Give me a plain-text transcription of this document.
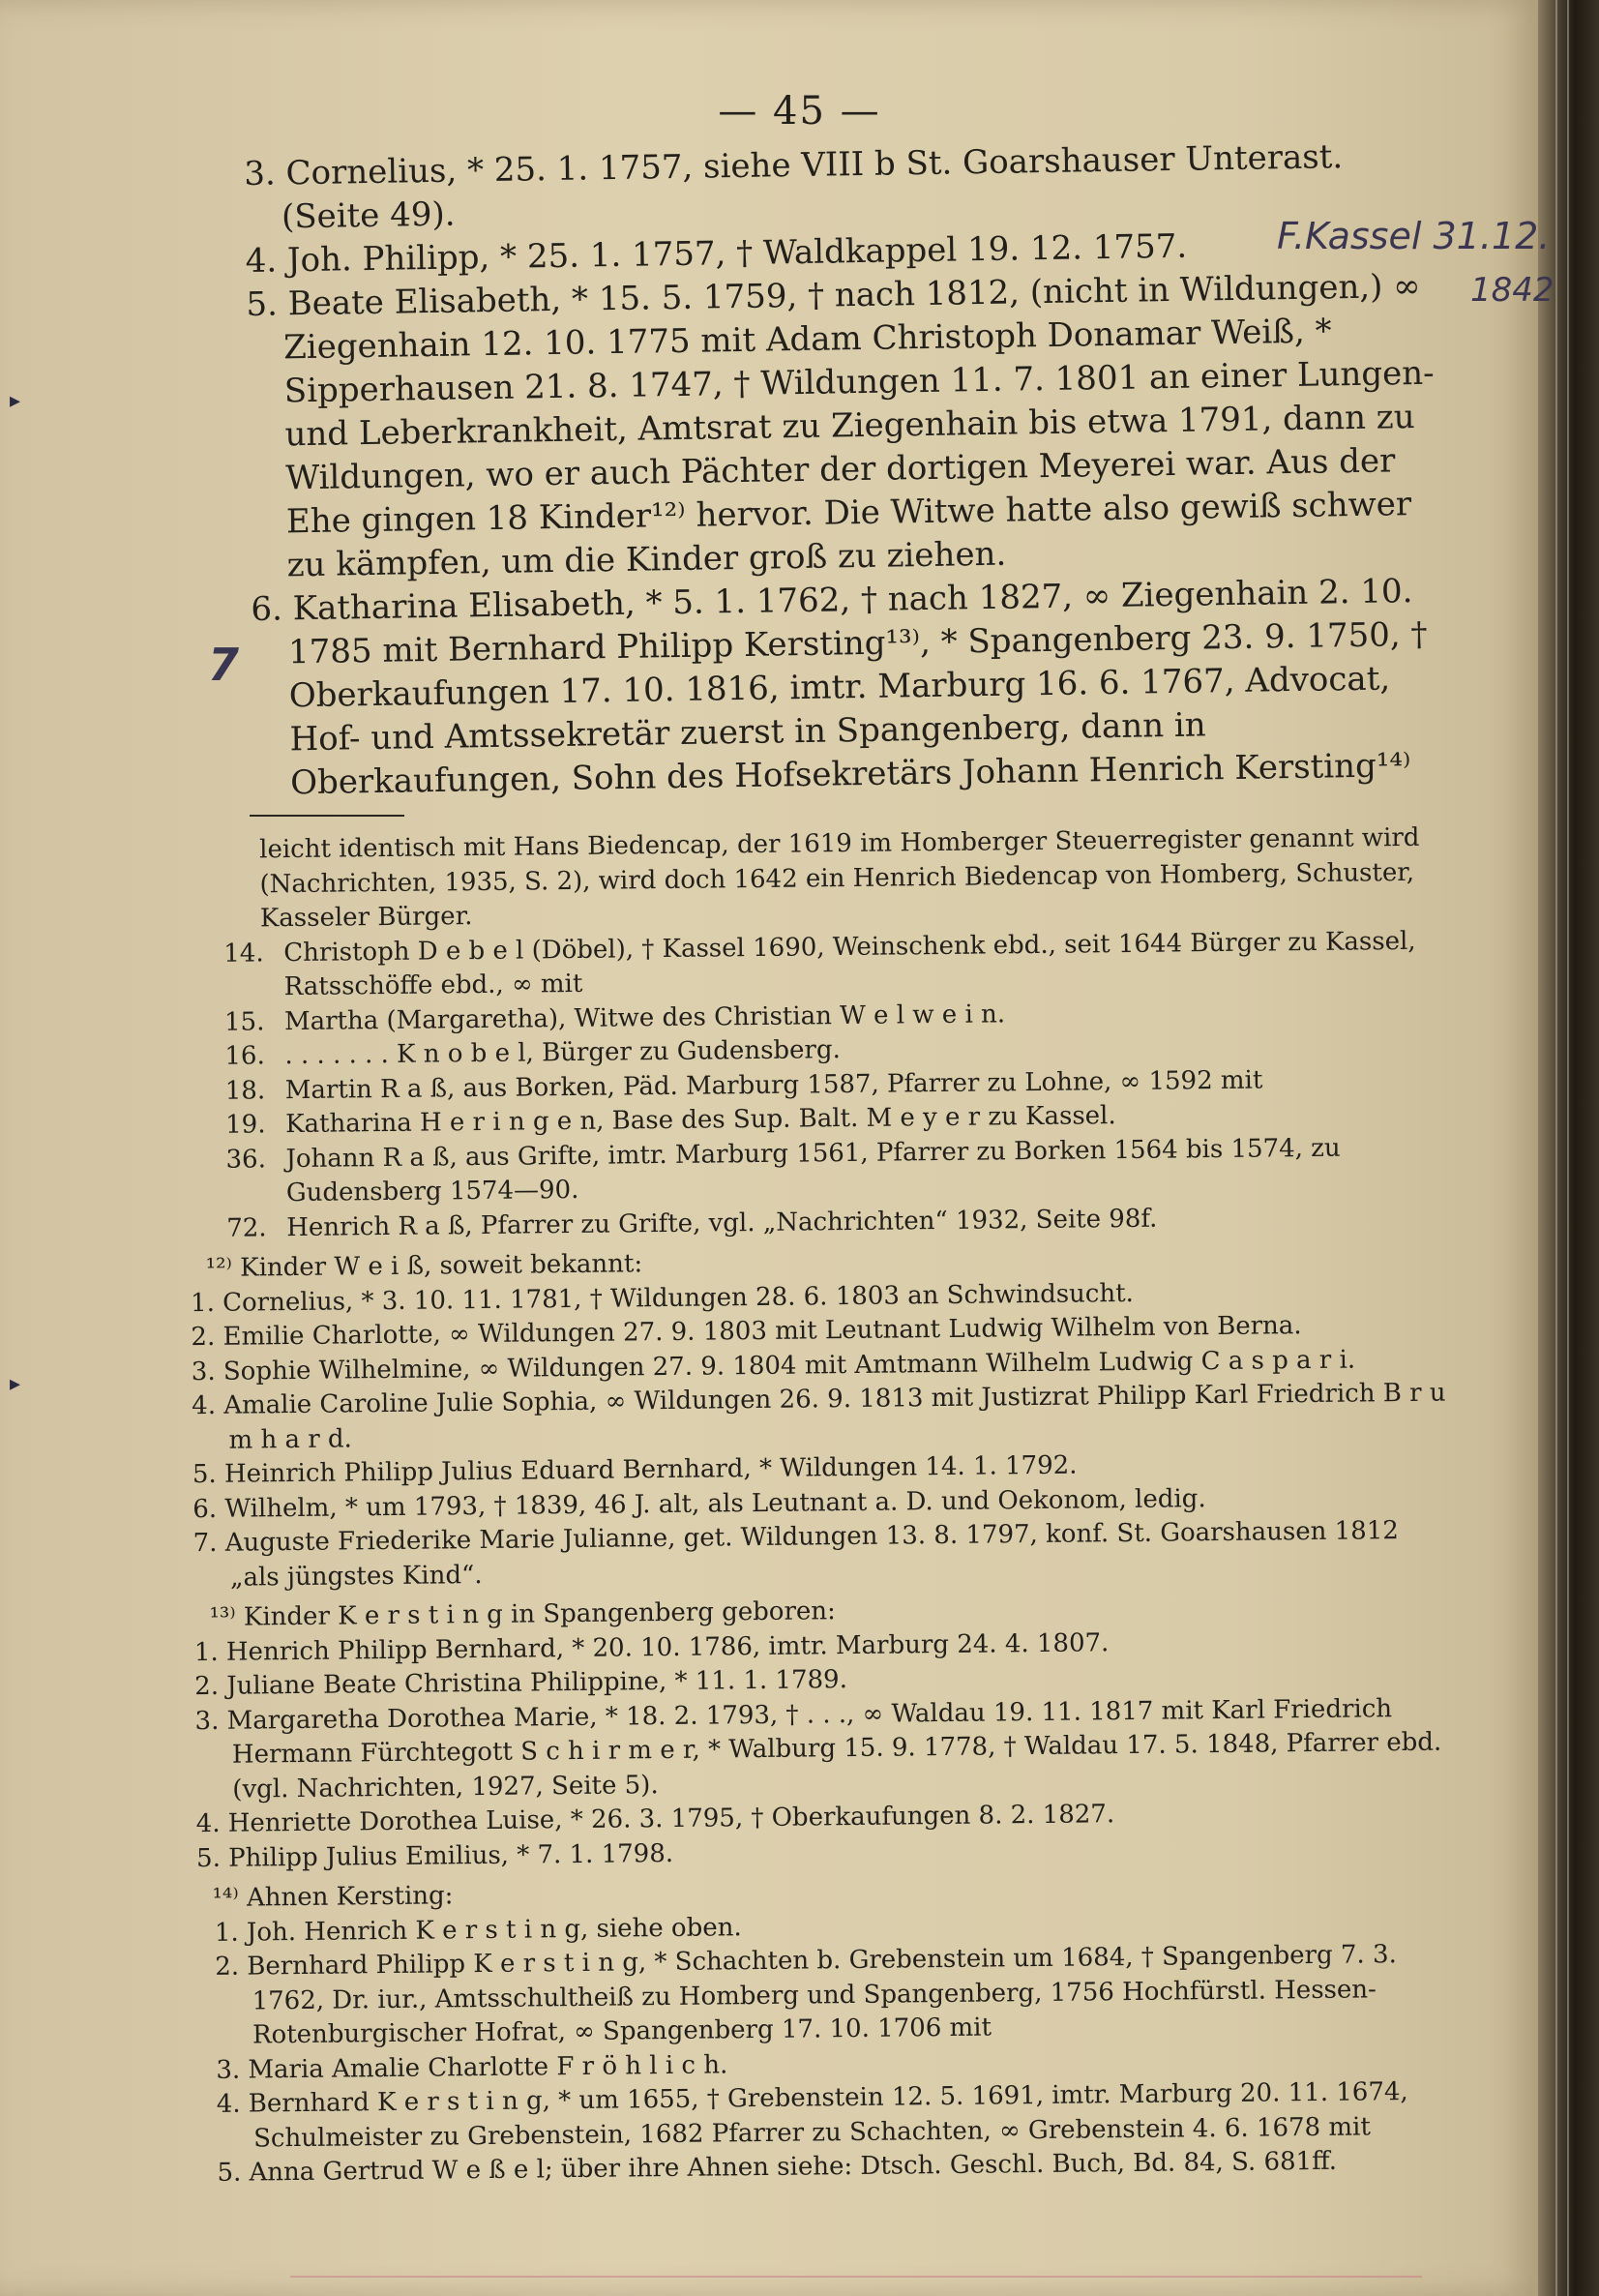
— 45 —

3. Cornelius, * 25. 1. 1757, siehe VIII b St. Goarshauser Unterast. (Seite 49).

4. Joh. Philipp, * 25. 1. 1757, † Waldkappel 19. 12. 1757.

5. Beate Elisabeth, * 15. 5. 1759, † nach 1812, (nicht in Wildungen,) ∞ Ziegenhain 12. 10. 1775 mit Adam Christoph Donamar Weiß, * Sipperhausen 21. 8. 1747, † Wildungen 11. 7. 1801 an einer Lungen- und Leberkrankheit, Amtsrat zu Ziegenhain bis etwa 1791, dann zu Wildungen, wo er auch Pächter der dortigen Meyerei war. Aus der Ehe gingen 18 Kinder¹²⁾ hervor. Die Witwe hatte also gewiß schwer zu kämpfen, um die Kinder groß zu ziehen.

6. Katharina Elisabeth, * 5. 1. 1762, † nach 1827, ∞ Ziegenhain 2. 10. 1785 mit Bernhard Philipp Kersting¹³⁾, * Spangenberg 23. 9. 1750, † Oberkaufungen 17. 10. 1816, imtr. Marburg 16. 6. 1767, Advocat, Hof- und Amtssekretär zuerst in Spangenberg, dann in Oberkaufungen, Sohn des Hofsekretärs Johann Henrich Kersting¹⁴⁾

F.Kassel 31.12.
1842
7
▸
▸

leicht identisch mit Hans Biedencap, der 1619 im Homberger Steuerregister genannt wird (Nachrichten, 1935, S. 2), wird doch 1642 ein Henrich Biedencap von Homberg, Schuster, Kasseler Bürger.

14. Christoph D e b e l (Döbel), † Kassel 1690, Weinschenk ebd., seit 1644 Bürger zu Kassel, Ratsschöffe ebd., ∞ mit
15. Martha (Margaretha), Witwe des Christian W e l w e i n.
16. . . . . . . . K n o b e l, Bürger zu Gudensberg.
18. Martin R a ß, aus Borken, Päd. Marburg 1587, Pfarrer zu Lohne, ∞ 1592 mit
19. Katharina H e r i n g e n, Base des Sup. Balt. M e y e r zu Kassel.
36. Johann R a ß, aus Grifte, imtr. Marburg 1561, Pfarrer zu Borken 1564 bis 1574, zu Gudensberg 1574—90.
72. Henrich R a ß, Pfarrer zu Grifte, vgl. „Nachrichten“ 1932, Seite 98f.

¹²⁾ Kinder W e i ß, soweit bekannt:

1. Cornelius, * 3. 10. 11. 1781, † Wildungen 28. 6. 1803 an Schwindsucht.

2. Emilie Charlotte, ∞ Wildungen 27. 9. 1803 mit Leutnant Ludwig Wilhelm von Berna.

3. Sophie Wilhelmine, ∞ Wildungen 27. 9. 1804 mit Amtmann Wilhelm Ludwig C a s p a r i.

4. Amalie Caroline Julie Sophia, ∞ Wildungen 26. 9. 1813 mit Justizrat Philipp Karl Friedrich B r u m h a r d.

5. Heinrich Philipp Julius Eduard Bernhard, * Wildungen 14. 1. 1792.

6. Wilhelm, * um 1793, † 1839, 46 J. alt, als Leutnant a. D. und Oekonom, ledig.

7. Auguste Friederike Marie Julianne, get. Wildungen 13. 8. 1797, konf. St. Goarshausen 1812 „als jüngstes Kind“.

¹³⁾ Kinder K e r s t i n g in Spangenberg geboren:

1. Henrich Philipp Bernhard, * 20. 10. 1786, imtr. Marburg 24. 4. 1807.

2. Juliane Beate Christina Philippine, * 11. 1. 1789.

3. Margaretha Dorothea Marie, * 18. 2. 1793, † . . ., ∞ Waldau 19. 11. 1817 mit Karl Friedrich Hermann Fürchtegott S c h i r m e r, * Walburg 15. 9. 1778, † Waldau 17. 5. 1848, Pfarrer ebd. (vgl. Nachrichten, 1927, Seite 5).

4. Henriette Dorothea Luise, * 26. 3. 1795, † Oberkaufungen 8. 2. 1827.

5. Philipp Julius Emilius, * 7. 1. 1798.

¹⁴⁾ Ahnen Kersting:

1. Joh. Henrich K e r s t i n g, siehe oben.

2. Bernhard Philipp K e r s t i n g, * Schachten b. Grebenstein um 1684, † Spangenberg 7. 3. 1762, Dr. iur., Amtsschultheiß zu Homberg und Spangenberg, 1756 Hochfürstl. Hessen-Rotenburgischer Hofrat, ∞ Spangenberg 17. 10. 1706 mit

3. Maria Amalie Charlotte F r ö h l i c h.

4. Bernhard K e r s t i n g, * um 1655, † Grebenstein 12. 5. 1691, imtr. Marburg 20. 11. 1674, Schulmeister zu Grebenstein, 1682 Pfarrer zu Schachten, ∞ Grebenstein 4. 6. 1678 mit

5. Anna Gertrud W e ß e l; über ihre Ahnen siehe: Dtsch. Geschl. Buch, Bd. 84, S. 681ff.
